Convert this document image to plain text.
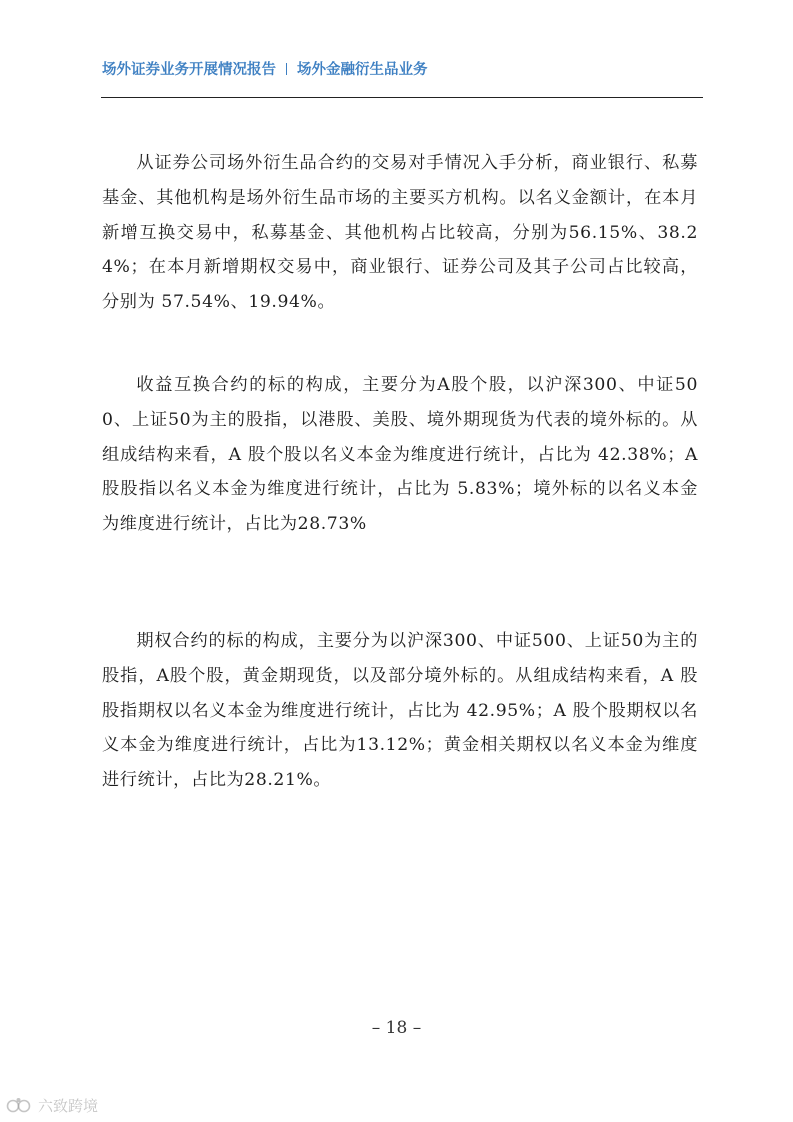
场外证券业务开展情况报告 场外金融衍生品业务

从证券公司场外衍生品合约的交易对手情况入手分析，商业银行、私募基金、其他机构是场外衍生品市场的主要买方机构。以名义金额计，在本月新增互换交易中，私募基金、其他机构占比较高，分别为56.15%、38.24%；在本月新增期权交易中，商业银行、证券公司及其子公司占比较高，分别为 57.54%、19.94%。

收益互换合约的标的构成，主要分为A股个股，以沪深300、中证500、上证50为主的股指，以港股、美股、境外期现货为代表的境外标的。从组成结构来看，A 股个股以名义本金为维度进行统计，占比为 42.38%；A 股股指以名义本金为维度进行统计，占比为 5.83%；境外标的以名义本金为维度进行统计，占比为28.73%

期权合约的标的构成，主要分为以沪深300、中证500、上证50为主的股指，A股个股，黄金期现货，以及部分境外标的。从组成结构来看，A 股股指期权以名义本金为维度进行统计，占比为 42.95%；A 股个股期权以名义本金为维度进行统计，占比为13.12%；黄金相关期权以名义本金为维度进行统计，占比为28.21%。

– 18 –
六致跨境
